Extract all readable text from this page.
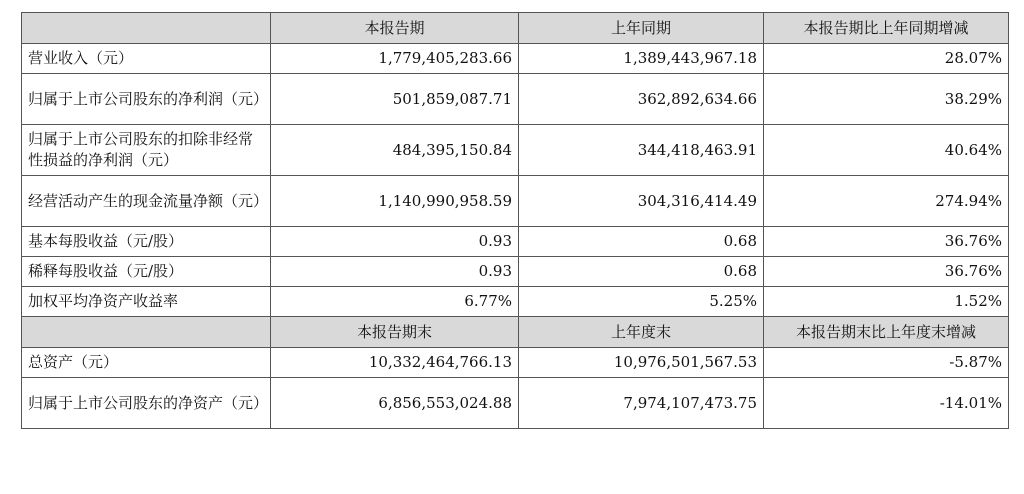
	本报告期	上年同期	本报告期比上年同期增减
营业收入（元）	1,779,405,283.66	1,389,443,967.18	28.07%
归属于上市公司股东的净利润（元）	501,859,087.71	362,892,634.66	38.29%
归属于上市公司股东的扣除非经常性损益的净利润（元）	484,395,150.84	344,418,463.91	40.64%
经营活动产生的现金流量净额（元）	1,140,990,958.59	304,316,414.49	274.94%
基本每股收益（元/股）	0.93	0.68	36.76%
稀释每股收益（元/股）	0.93	0.68	36.76%
加权平均净资产收益率	6.77%	5.25%	1.52%
	本报告期末	上年度末	本报告期末比上年度末增减
总资产（元）	10,332,464,766.13	10,976,501,567.53	-5.87%
归属于上市公司股东的净资产（元）	6,856,553,024.88	7,974,107,473.75	-14.01%
